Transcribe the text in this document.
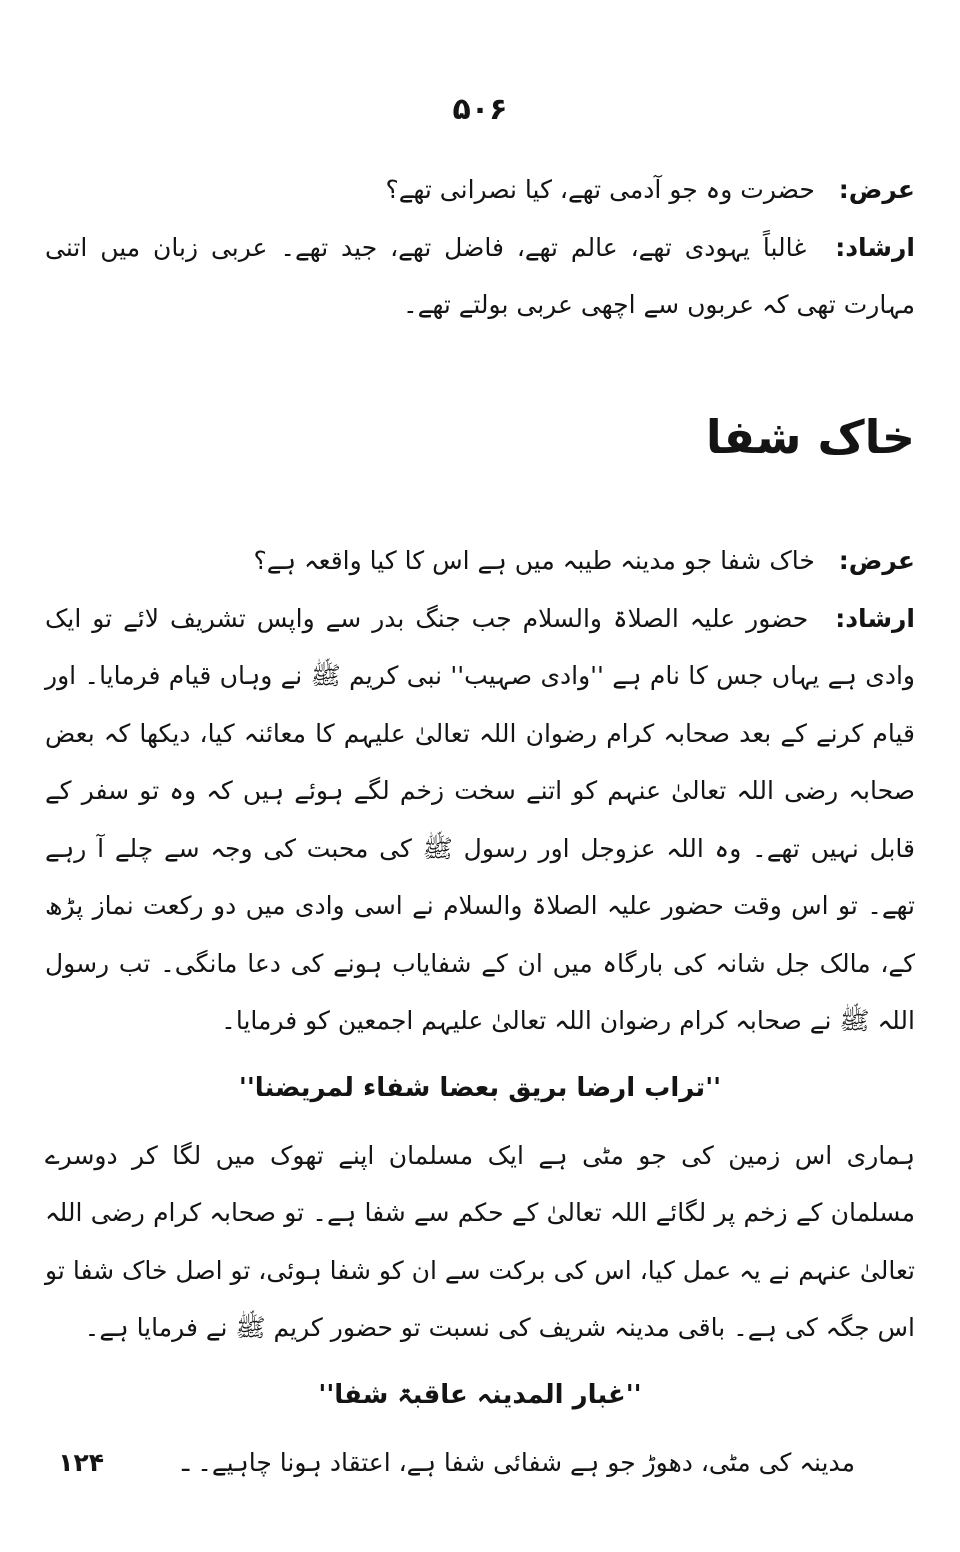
۵۰۶

عرض: حضرت وہ جو آدمی تھے، کیا نصرانی تھے؟

ارشاد: غالباً یہودی تھے، عالم تھے، فاضل تھے، جید تھے۔ عربی زبان میں اتنی مہارت تھی کہ عربوں سے اچھی عربی بولتے تھے۔

خاک شفا

عرض: خاک شفا جو مدینہ طیبہ میں ہے اس کا کیا واقعہ ہے؟

ارشاد: حضور علیہ الصلاۃ والسلام جب جنگ بدر سے واپس تشریف لائے تو ایک وادی ہے یہاں جس کا نام ہے ''وادی صہیب'' نبی کریم ﷺ نے وہاں قیام فرمایا۔ اور قیام کرنے کے بعد صحابہ کرام رضوان اللہ تعالیٰ علیہم کا معائنہ کیا، دیکھا کہ بعض صحابہ رضی اللہ تعالیٰ عنہم کو اتنے سخت زخم لگے ہوئے ہیں کہ وہ تو سفر کے قابل نہیں تھے۔ وہ اللہ عزوجل اور رسول ﷺ کی محبت کی وجہ سے چلے آ رہے تھے۔ تو اس وقت حضور علیہ الصلاۃ والسلام نے اسی وادی میں دو رکعت نماز پڑھ کے، مالک جل شانہ کی بارگاہ میں ان کے شفایاب ہونے کی دعا مانگی۔ تب رسول اللہ ﷺ نے صحابہ کرام رضوان اللہ تعالیٰ علیہم اجمعین کو فرمایا۔

''تراب ارضا بریق بعضا شفاء لمریضنا''

ہماری اس زمین کی جو مٹی ہے ایک مسلمان اپنے تھوک میں لگا کر دوسرے مسلمان کے زخم پر لگائے اللہ تعالیٰ کے حکم سے شفا ہے۔ تو صحابہ کرام رضی اللہ تعالیٰ عنہم نے یہ عمل کیا، اس کی برکت سے ان کو شفا ہوئی، تو اصل خاک شفا تو اس جگہ کی ہے۔ باقی مدینہ شریف کی نسبت تو حضور کریم ﷺ نے فرمایا ہے۔

''غبار المدینہ عاقبۃ شفا''
مدینہ کی مٹی، دھوڑ جو ہے شفائی شفا ہے، اعتقاد ہونا چاہیے۔ ـ ۱۲۴
